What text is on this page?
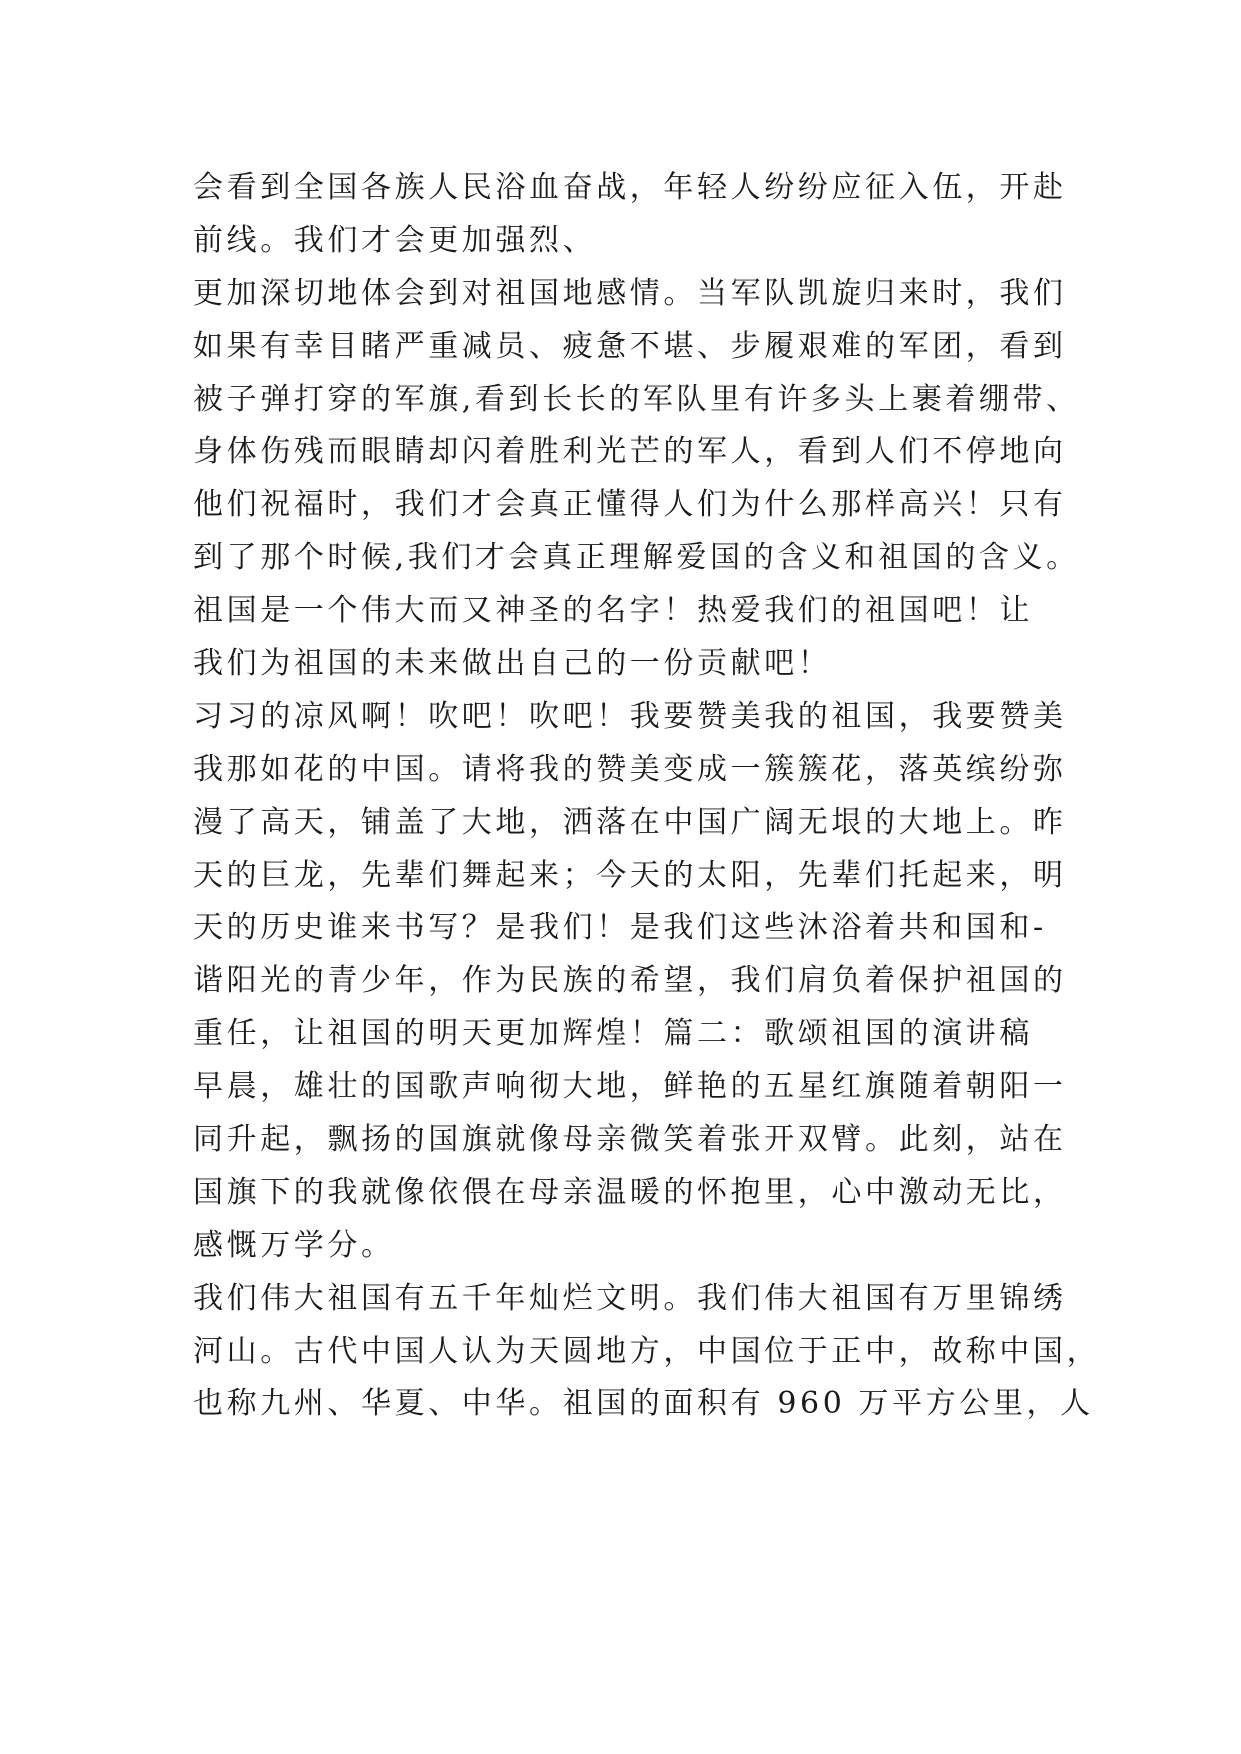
会看到全国各族人民浴血奋战，年轻人纷纷应征入伍，开赴
前线。我们才会更加强烈、
更加深切地体会到对祖国地感情。当军队凯旋归来时，我们
如果有幸目睹严重减员、疲惫不堪、步履艰难的军团，看到
被子弹打穿的军旗,看到长长的军队里有许多头上裹着绷带、
身体伤残而眼睛却闪着胜利光芒的军人，看到人们不停地向
他们祝福时，我们才会真正懂得人们为什么那样高兴！只有
到了那个时候,我们才会真正理解爱国的含义和祖国的含义。
祖国是一个伟大而又神圣的名字！热爱我们的祖国吧！让
我们为祖国的未来做出自己的一份贡献吧！
习习的凉风啊！吹吧！吹吧！我要赞美我的祖国，我要赞美
我那如花的中国。请将我的赞美变成一簇簇花，落英缤纷弥
漫了高天，铺盖了大地，洒落在中国广阔无垠的大地上。昨
天的巨龙，先辈们舞起来；今天的太阳，先辈们托起来，明
天的历史谁来书写？是我们！是我们这些沐浴着共和国和-
谐阳光的青少年，作为民族的希望，我们肩负着保护祖国的
重任，让祖国的明天更加辉煌！篇二：歌颂祖国的演讲稿
早晨，雄壮的国歌声响彻大地，鲜艳的五星红旗随着朝阳一
同升起，飘扬的国旗就像母亲微笑着张开双臂。此刻，站在
国旗下的我就像依偎在母亲温暖的怀抱里，心中激动无比，
感慨万学分。
我们伟大祖国有五千年灿烂文明。我们伟大祖国有万里锦绣
河山。古代中国人认为天圆地方，中国位于正中，故称中国，
也称九州、华夏、中华。祖国的面积有 960 万平方公里，人
